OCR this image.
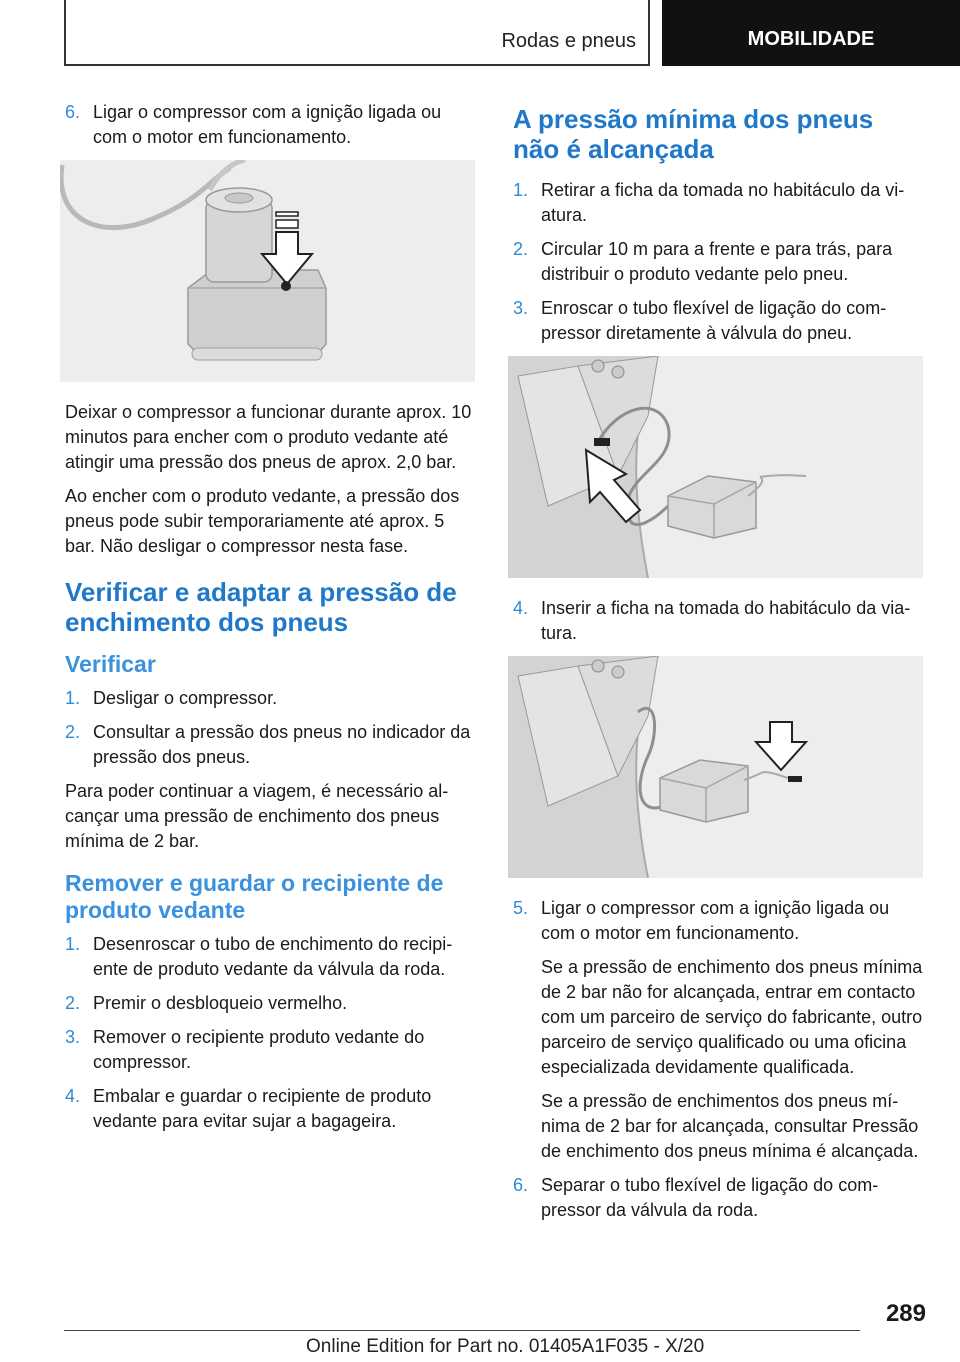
Rodas e pneus	MOBILIDADE
6. Ligar o compressor com a ignição ligada ou com o motor em funcionamento.

Deixar o compressor a funcionar durante aprox. 10 minutos para encher com o produto vedante até atingir uma pressão dos pneus de aprox. 2,0 bar.

Ao encher com o produto vedante, a pressão dos pneus pode subir temporariamente até aprox. 5 bar. Não desligar o compressor nesta fase.

Verificar e adaptar a pressão de enchimento dos pneus
Verificar
1. Desligar o compressor.
2. Consultar a pressão dos pneus no indicador da pressão dos pneus.

Para poder continuar a viagem, é necessário alcançar uma pressão de enchimento dos pneus mínima de 2 bar.

Remover e guardar o recipiente de produto vedante
1. Desenroscar o tubo de enchimento do recipiente de produto vedante da válvula da roda.
2. Premir o desbloqueio vermelho.
3. Remover o recipiente produto vedante do compressor.
4. Embalar e guardar o recipiente de produto vedante para evitar sujar a bagageira.
A pressão mínima dos pneus não é alcançada
1. Retirar a ficha da tomada no habitáculo da viatura.
2. Circular 10 m para a frente e para trás, para distribuir o produto vedante pelo pneu.
3. Enroscar o tubo flexível de ligação do compressor diretamente à válvula do pneu.
4. Inserir a ficha na tomada do habitáculo da viatura.
5. Ligar o compressor com a ignição ligada ou com o motor em funcionamento.

Se a pressão de enchimento dos pneus mínima de 2 bar não for alcançada, entrar em contacto com um parceiro de serviço do fabricante, outro parceiro de serviço qualificado ou uma oficina especializada devidamente qualificada.

Se a pressão de enchimentos dos pneus mínima de 2 bar for alcançada, consultar Pressão de enchimento dos pneus mínima é alcançada.

6. Separar o tubo flexível de ligação do compressor da válvula da roda.
289
Online Edition for Part no. 01405A1F035 - X/20
